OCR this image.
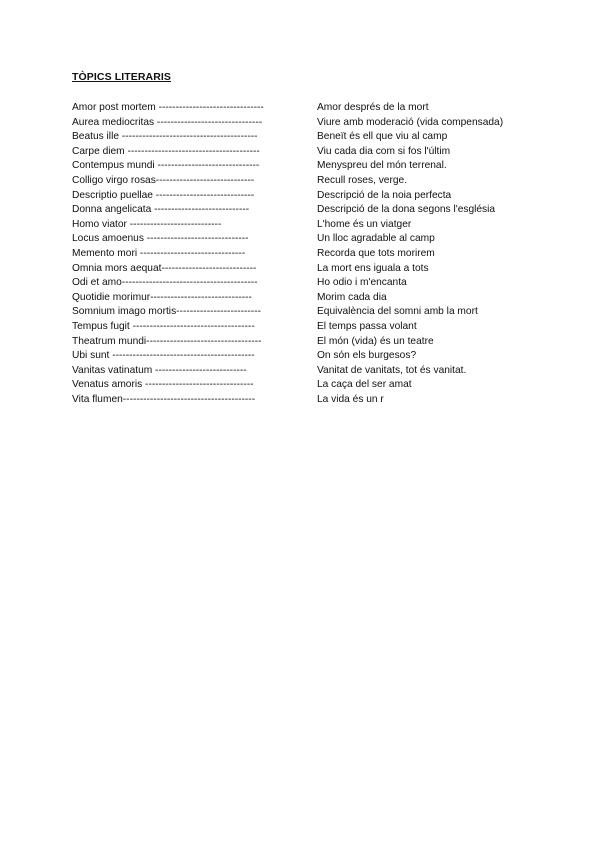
TÒPICS LITERARIS
Amor post mortem -------------------------------	Amor després de la mort
Aurea mediocritas -------------------------------	Viure amb moderació (vida compensada)
Beatus ille ----------------------------------------	Beneït és ell que viu al camp
Carpe diem ---------------------------------------	Viu cada dia com si fos l'últim
Contempus mundi ------------------------------	Menyspreu del món terrenal.
Colligo virgo rosas-----------------------------	Recull roses, verge.
Descriptio puellae -----------------------------	Descripció de la noia perfecta
Donna angelicata ----------------------------	Descripció de la dona segons l'església
Homo viator ---------------------------	L'home és un viatger
Locus amoenus ------------------------------	Un lloc agradable al camp
Memento mori -------------------------------	Recorda que tots morirem
Omnia mors aequat----------------------------	La mort ens iguala a tots
Odi et amo----------------------------------------	Ho odio i m'encanta
Quotidie morimur------------------------------	Morim cada dia
Somnium imago mortis-------------------------	Equivalència del somni amb la mort
Tempus fugit ------------------------------------	El temps passa volant
Theatrum mundi----------------------------------	El món (vida) és un teatre
Ubi sunt ------------------------------------------	On són els burgesos?
Vanitas vatinatum ---------------------------	Vanitat de vanitats, tot és vanitat.
Venatus amoris --------------------------------	La caça del ser amat
Vita flumen---------------------------------------	La vida és un r
